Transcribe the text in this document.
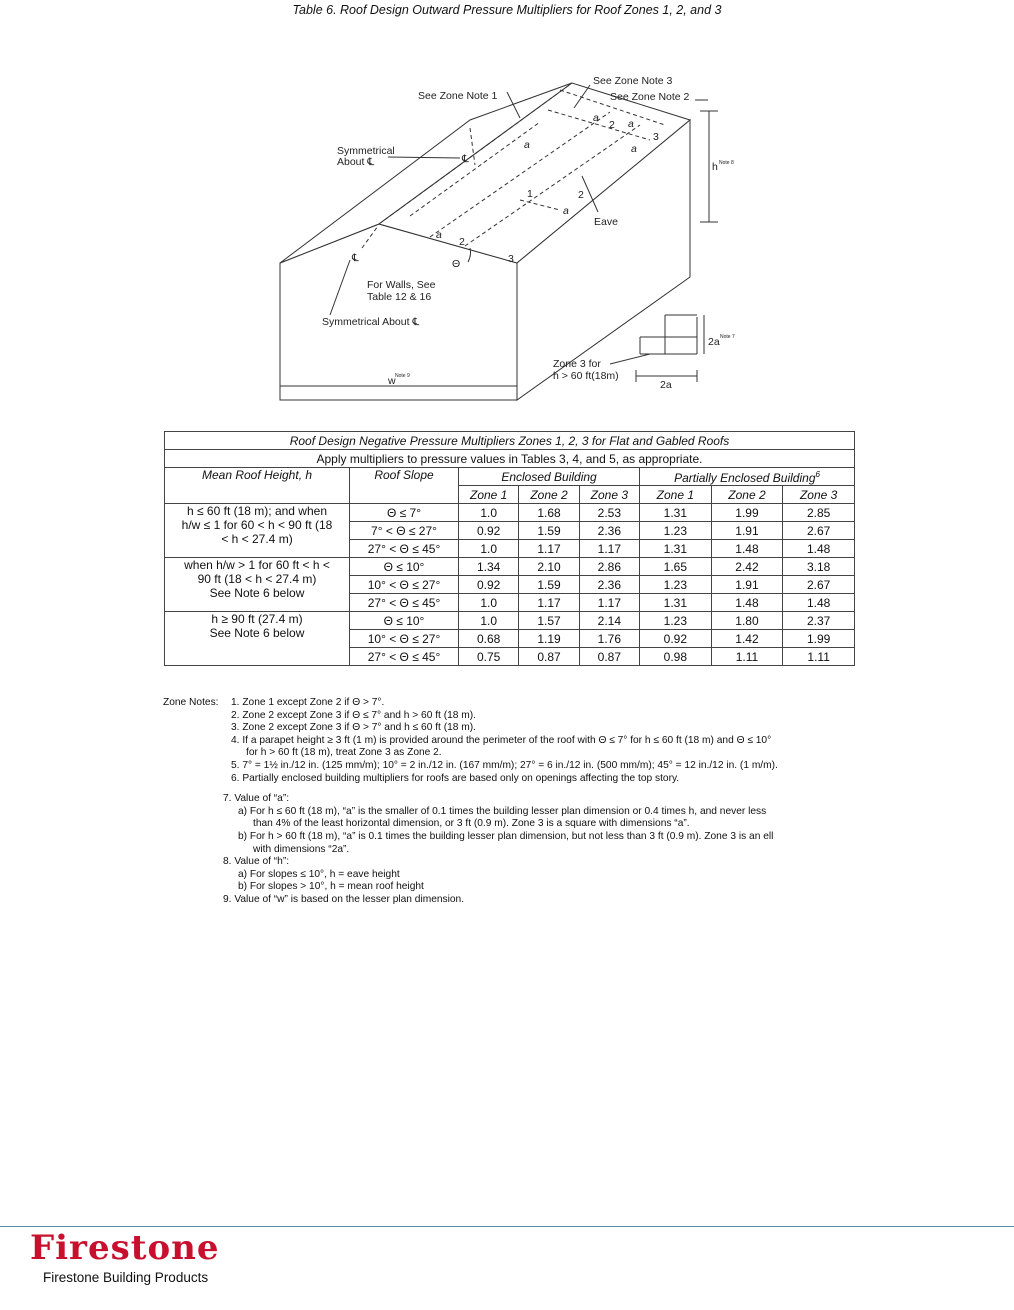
Table 6. Roof Design Outward Pressure Multipliers for Roof Zones 1, 2, and 3
See Zone Note 1
See Zone Note 3
See Zone Note 2
Symmetrical
About ℄	℄
℄
Eave
h Note 8
For Walls, See
Table 12 & 16
Symmetrical About ℄
Zone 3 for
h > 60 ft(18m)
2a Note 7
2a
w Note 9
Θ
1	2
2
2
3
3
a
a
a
a	a
a
Roof Design Negative Pressure Multipliers Zones 1, 2, 3 for Flat and Gabled Roofs							
Apply multipliers to pressure values in Tables 3, 4, and 5, as appropriate.							
Mean Roof Height, h	Roof Slope	Enclosed Building			Partially Enclosed Building$^6$
		Zone 1	Zone 2	Zone 3	Zone 1	Zone 2	Zone 3

h ≤ 60 ft (18 m); and when
h/w ≤ 1 for 60 < h < 90 ft (18
< h < 27.4 m)	Θ ≤ 7°	1.0	1.68	2.53	1.31	1.99	2.85
	7° < Θ ≤ 27°	0.92	1.59	2.36	1.23	1.91	2.67
	27° < Θ ≤ 45°	1.0	1.17	1.17	1.31	1.48	1.48

when h/w > 1 for 60 ft < h <
90 ft (18 < h < 27.4 m)
See Note 6 below	Θ ≤ 10°	1.34	2.10	2.86	1.65	2.42	3.18
	10° < Θ ≤ 27°	0.92	1.59	2.36	1.23	1.91	2.67
	27° < Θ ≤ 45°	1.0	1.17	1.17	1.31	1.48	1.48

h ≥ 90 ft (27.4 m)
See Note 6 below	Θ ≤ 10°	1.0	1.57	2.14	1.23	1.80	2.37
	10° < Θ ≤ 27°	0.68	1.19	1.76	0.92	1.42	1.99
	27° < Θ ≤ 45°	0.75	0.87	0.87	0.98	1.11	1.11
Zone Notes: 1. Zone 1 except Zone 2 if Θ > 7°.
2. Zone 2 except Zone 3 if Θ ≤ 7° and h > 60 ft (18 m).
3. Zone 2 except Zone 3 if Θ > 7° and h ≤ 60 ft (18 m).
4. If a parapet height ≥ 3 ft (1 m) is provided around the perimeter of the roof with Θ ≤ 7° for h ≤ 60 ft (18 m) and Θ ≤ 10°
for h > 60 ft (18 m), treat Zone 3 as Zone 2.
5. 7° = 1½ in./12 in. (125 mm/m); 10° = 2 in./12 in. (167 mm/m); 27° = 6 in./12 in. (500 mm/m); 45° = 12 in./12 in. (1 m/m).
6. Partially enclosed building multipliers for roofs are based only on openings affecting the top story.
7. Value of “a”:
a) For h ≤ 60 ft (18 m), “a” is the smaller of 0.1 times the building lesser plan dimension or 0.4 times h, and never less
than 4% of the least horizontal dimension, or 3 ft (0.9 m). Zone 3 is a square with dimensions “a”.
b) For h > 60 ft (18 m), “a” is 0.1 times the building lesser plan dimension, but not less than 3 ft (0.9 m). Zone 3 is an ell
with dimensions “2a”.
8. Value of “h”:
a) For slopes ≤ 10°, h = eave height
b) For slopes > 10°, h = mean roof height
9. Value of “w” is based on the lesser plan dimension.
Firestone
Firestone Building Products
